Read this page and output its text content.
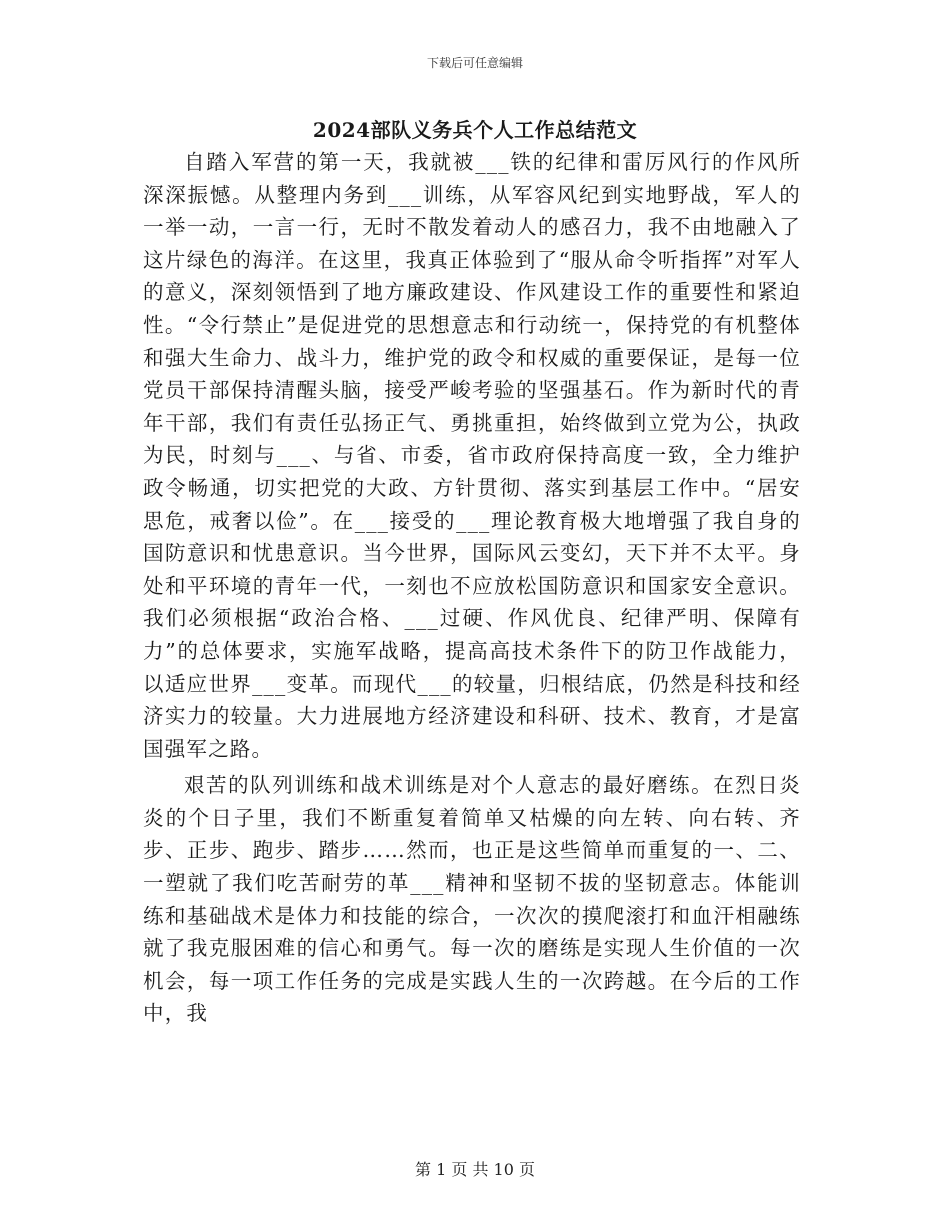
下载后可任意编辑
2024部队义务兵个人工作总结范文

自踏入军营的第一天，我就被___铁的纪律和雷厉风行的作风所深深振憾。从整理内务到___训练，从军容风纪到实地野战，军人的一举一动，一言一行，无时不散发着动人的感召力，我不由地融入了这片绿色的海洋。在这里，我真正体验到了“服从命令听指挥”对军人的意义，深刻领悟到了地方廉政建设、作风建设工作的重要性和紧迫性。“令行禁止”是促进党的思想意志和行动统一，保持党的有机整体和强大生命力、战斗力，维护党的政令和权威的重要保证，是每一位党员干部保持清醒头脑，接受严峻考验的坚强基石。作为新时代的青年干部，我们有责任弘扬正气、勇挑重担，始终做到立党为公，执政为民，时刻与___、与省、市委，省市政府保持高度一致，全力维护政令畅通，切实把党的大政、方针贯彻、落实到基层工作中。“居安思危，戒奢以俭”。在___接受的___理论教育极大地增强了我自身的国防意识和忧患意识。当今世界，国际风云变幻，天下并不太平。身处和平环境的青年一代，一刻也不应放松国防意识和国家安全意识。我们必须根据“政治合格、___过硬、作风优良、纪律严明、保障有力”的总体要求，实施军战略，提高高技术条件下的防卫作战能力，以适应世界___变革。而现代___的较量，归根结底，仍然是科技和经济实力的较量。大力进展地方经济建设和科研、技术、教育，才是富国强军之路。

艰苦的队列训练和战术训练是对个人意志的最好磨练。在烈日炎炎的个日子里，我们不断重复着简单又枯燥的向左转、向右转、齐步、正步、跑步、踏步……然而，也正是这些简单而重复的一、二、一塑就了我们吃苦耐劳的革___精神和坚韧不拔的坚韧意志。体能训练和基础战术是体力和技能的综合，一次次的摸爬滚打和血汗相融练就了我克服困难的信心和勇气。每一次的磨练是实现人生价值的一次机会，每一项工作任务的完成是实践人生的一次跨越。在今后的工作中，我

第 1 页 共 10 页
